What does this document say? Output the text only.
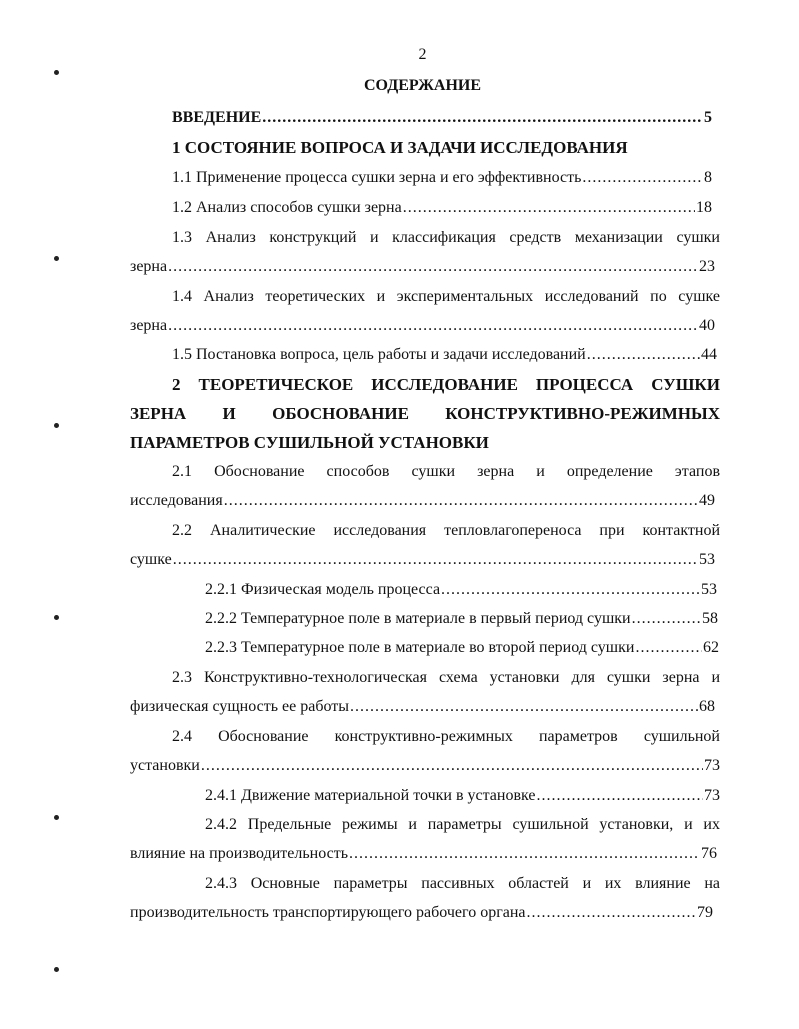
2
СОДЕРЖАНИЕ
ВВЕДЕНИЕ .....	5
1 СОСТОЯНИЕ ВОПРОСА И ЗАДАЧИ ИССЛЕДОВАНИЯ
1.1 Применение процесса сушки зерна и его эффективность .....	8
1.2 Анализ способов сушки зерна .....	18
1.3 Анализ конструкций и классификация средств механизации сушки
зерна .....	23
1.4 Анализ теоретических и экспериментальных исследований по сушке
зерна .....	40
1.5 Постановка вопроса, цель работы и задачи исследований .....	44
2 ТЕОРЕТИЧЕСКОЕ ИССЛЕДОВАНИЕ ПРОЦЕССА СУШКИ
ЗЕРНА И ОБОСНОВАНИЕ КОНСТРУКТИВНО-РЕЖИМНЫХ
ПАРАМЕТРОВ СУШИЛЬНОЙ УСТАНОВКИ
2.1 Обоснование способов сушки зерна и определение этапов
исследования .....	49
2.2 Аналитические исследования тепловлагопереноса при контактной
сушке .....	53
2.2.1 Физическая модель процесса .....	53
2.2.2 Температурное поле в материале в первый период сушки .....	58
2.2.3 Температурное поле в материале во второй период сушки .....	62
2.3 Конструктивно-технологическая схема установки для сушки зерна и
физическая сущность ее работы .....	68
2.4 Обоснование конструктивно-режимных параметров сушильной
установки .....	73
2.4.1 Движение материальной точки в установке .....	73
2.4.2 Предельные режимы и параметры сушильной установки, и их
влияние на производительность .....	76
2.4.3 Основные параметры пассивных областей и их влияние на
производительность транспортирующего рабочего органа .....	79
